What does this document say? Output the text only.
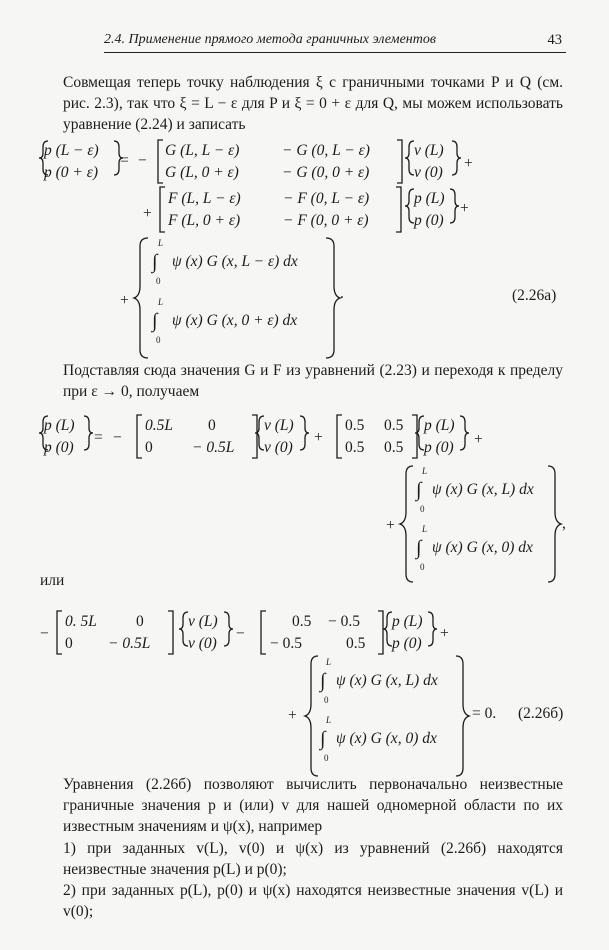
2.4. Применение прямого метода граничных элементов	43
Совмещая теперь точку наблюдения ξ с граничными точками P и Q (см. рис. 2.3), так что ξ = L − ε для P и ξ = 0 + ε для Q, мы можем использовать уравнение (2.24) и записать
Подставляя сюда значения G и F из уравнений (2.23) и переходя к пределу при ε → 0, получаем
Уравнения (2.26б) позволяют вычислить первоначально неизвестные граничные значения p и (или) v для нашей одномерной области по их известным значениям и ψ(x), например
1) при заданных v(L), v(0) и ψ(x) из уравнений (2.26б) находятся неизвестные значения p(L) и p(0);
2) при заданных p(L), p(0) и ψ(x) находятся неизвестные значения v(L) и v(0);
или
p (L − ε)
p (0 + ε)
= −
G (L, L − ε)	− G (0, L − ε)
G (L, 0 + ε)	− G (0, 0 + ε)
v (L)
v (0)
+
+
F (L, L − ε)	− F (0, L − ε)
F (L, 0 + ε)	− F (0, 0 + ε)
p (L)
p (0)
+
+
L
∫
0
ψ (x) G (x, L − ε) dx
L
∫
0
ψ (x) G (x, 0 + ε) dx
.	(2.26a)
p (L)
p (0)
= −
0.5L 0
0	− 0.5L
v (L)
v (0)
+
0.5 0.5
0.5 0.5
p (L)
p (0) +
+
L
∫
0
ψ (x) G (x, L) dx
L
∫
0
ψ (x) G (x, 0) dx
,
−
0. 5L	0
0 − 0.5L
v (L)
v (0)
−
0.5 − 0.5
− 0.5	0.5
p (L)
p (0)
+
+
L
∫
0
ψ (x) G (x, L) dx
L
∫
0
ψ (x) G (x, 0) dx
= 0. (2.26б)
